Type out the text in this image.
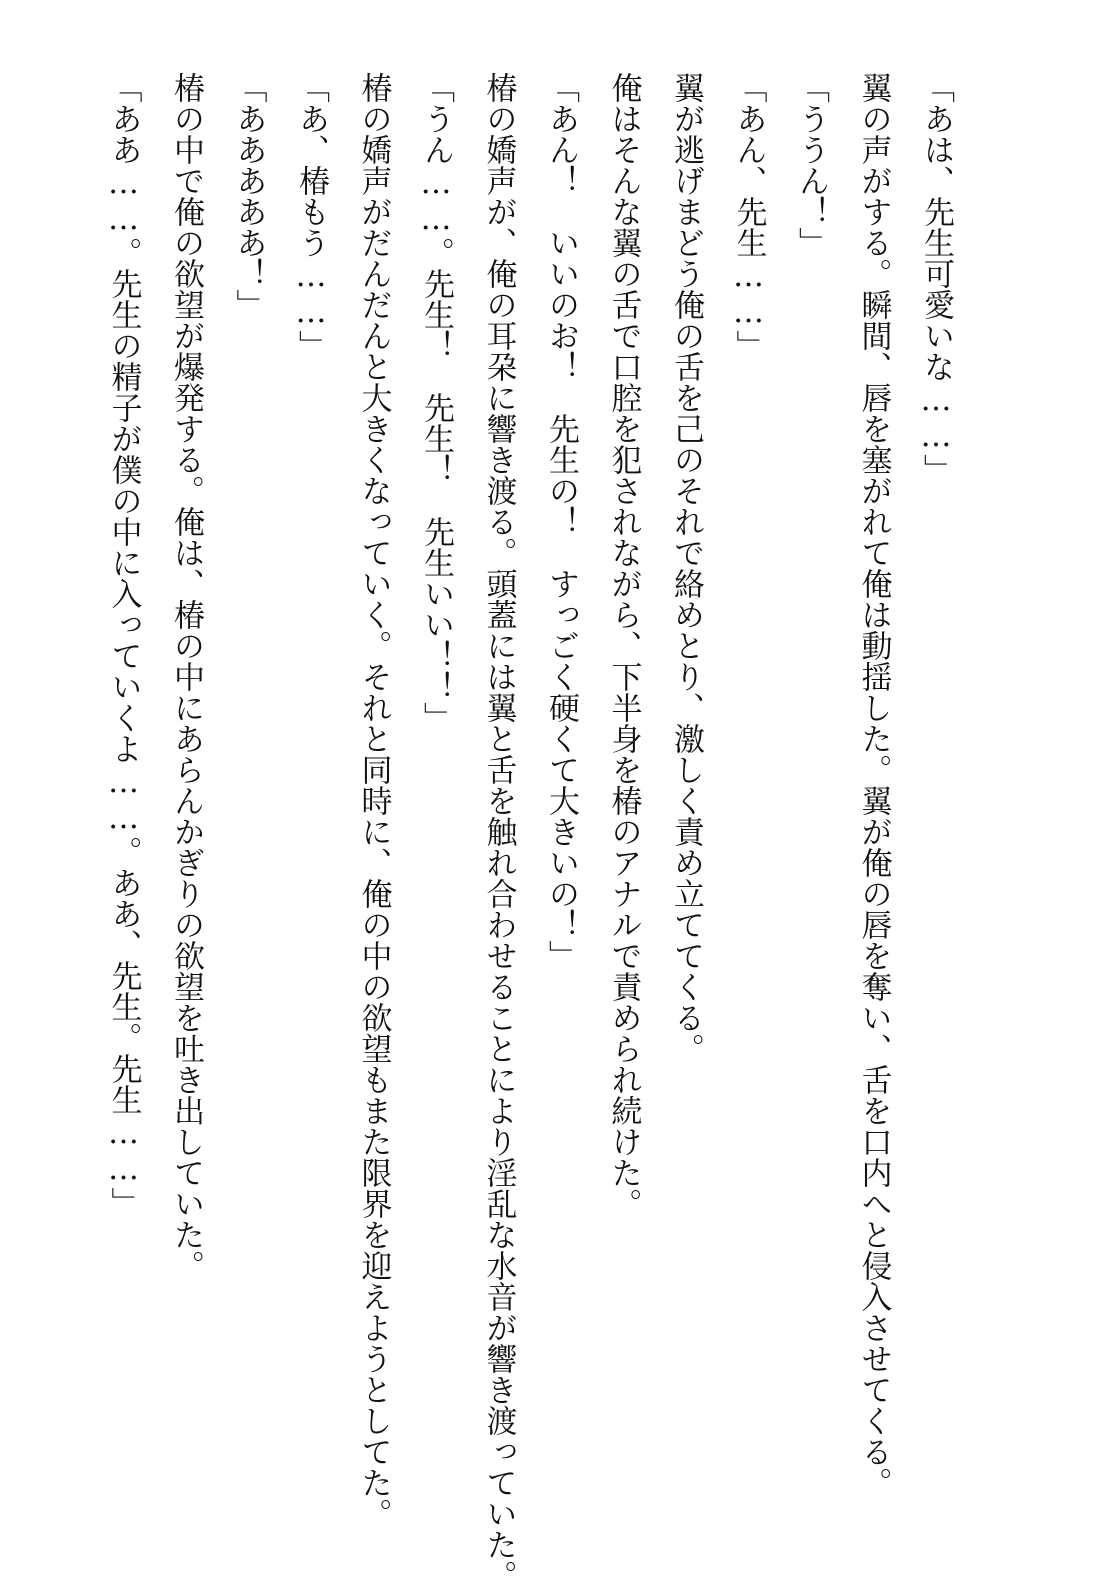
「あは、先生可愛いな……」
翼の声がする。瞬間、唇を塞がれて俺は動揺した。翼が俺の唇を奪い、舌を口内へと侵入させてくる。
「ううん！」
「あん、先生……」
翼が逃げまどう俺の舌を己のそれで絡めとり、激しく責め立ててくる。
俺はそんな翼の舌で口腔を犯されながら、下半身を椿のアナルで責められ続けた。
「あん！　いいのお！　先生の！　すっごく硬くて大きいの！」
椿の嬌声が、俺の耳朶に響き渡る。頭蓋には翼と舌を触れ合わせることにより淫乱な水音が響き渡っていた。
「うん……。先生！　先生！　先生いい！！」
椿の嬌声がだんだんと大きくなっていく。それと同時に、俺の中の欲望もまた限界を迎えようとしてた。
「あ、椿もう……」
「あああああ！」
椿の中で俺の欲望が爆発する。俺は、椿の中にあらんかぎりの欲望を吐き出していた。
「ああ……。先生の精子が僕の中に入っていくよ……。ああ、先生。先生……」
